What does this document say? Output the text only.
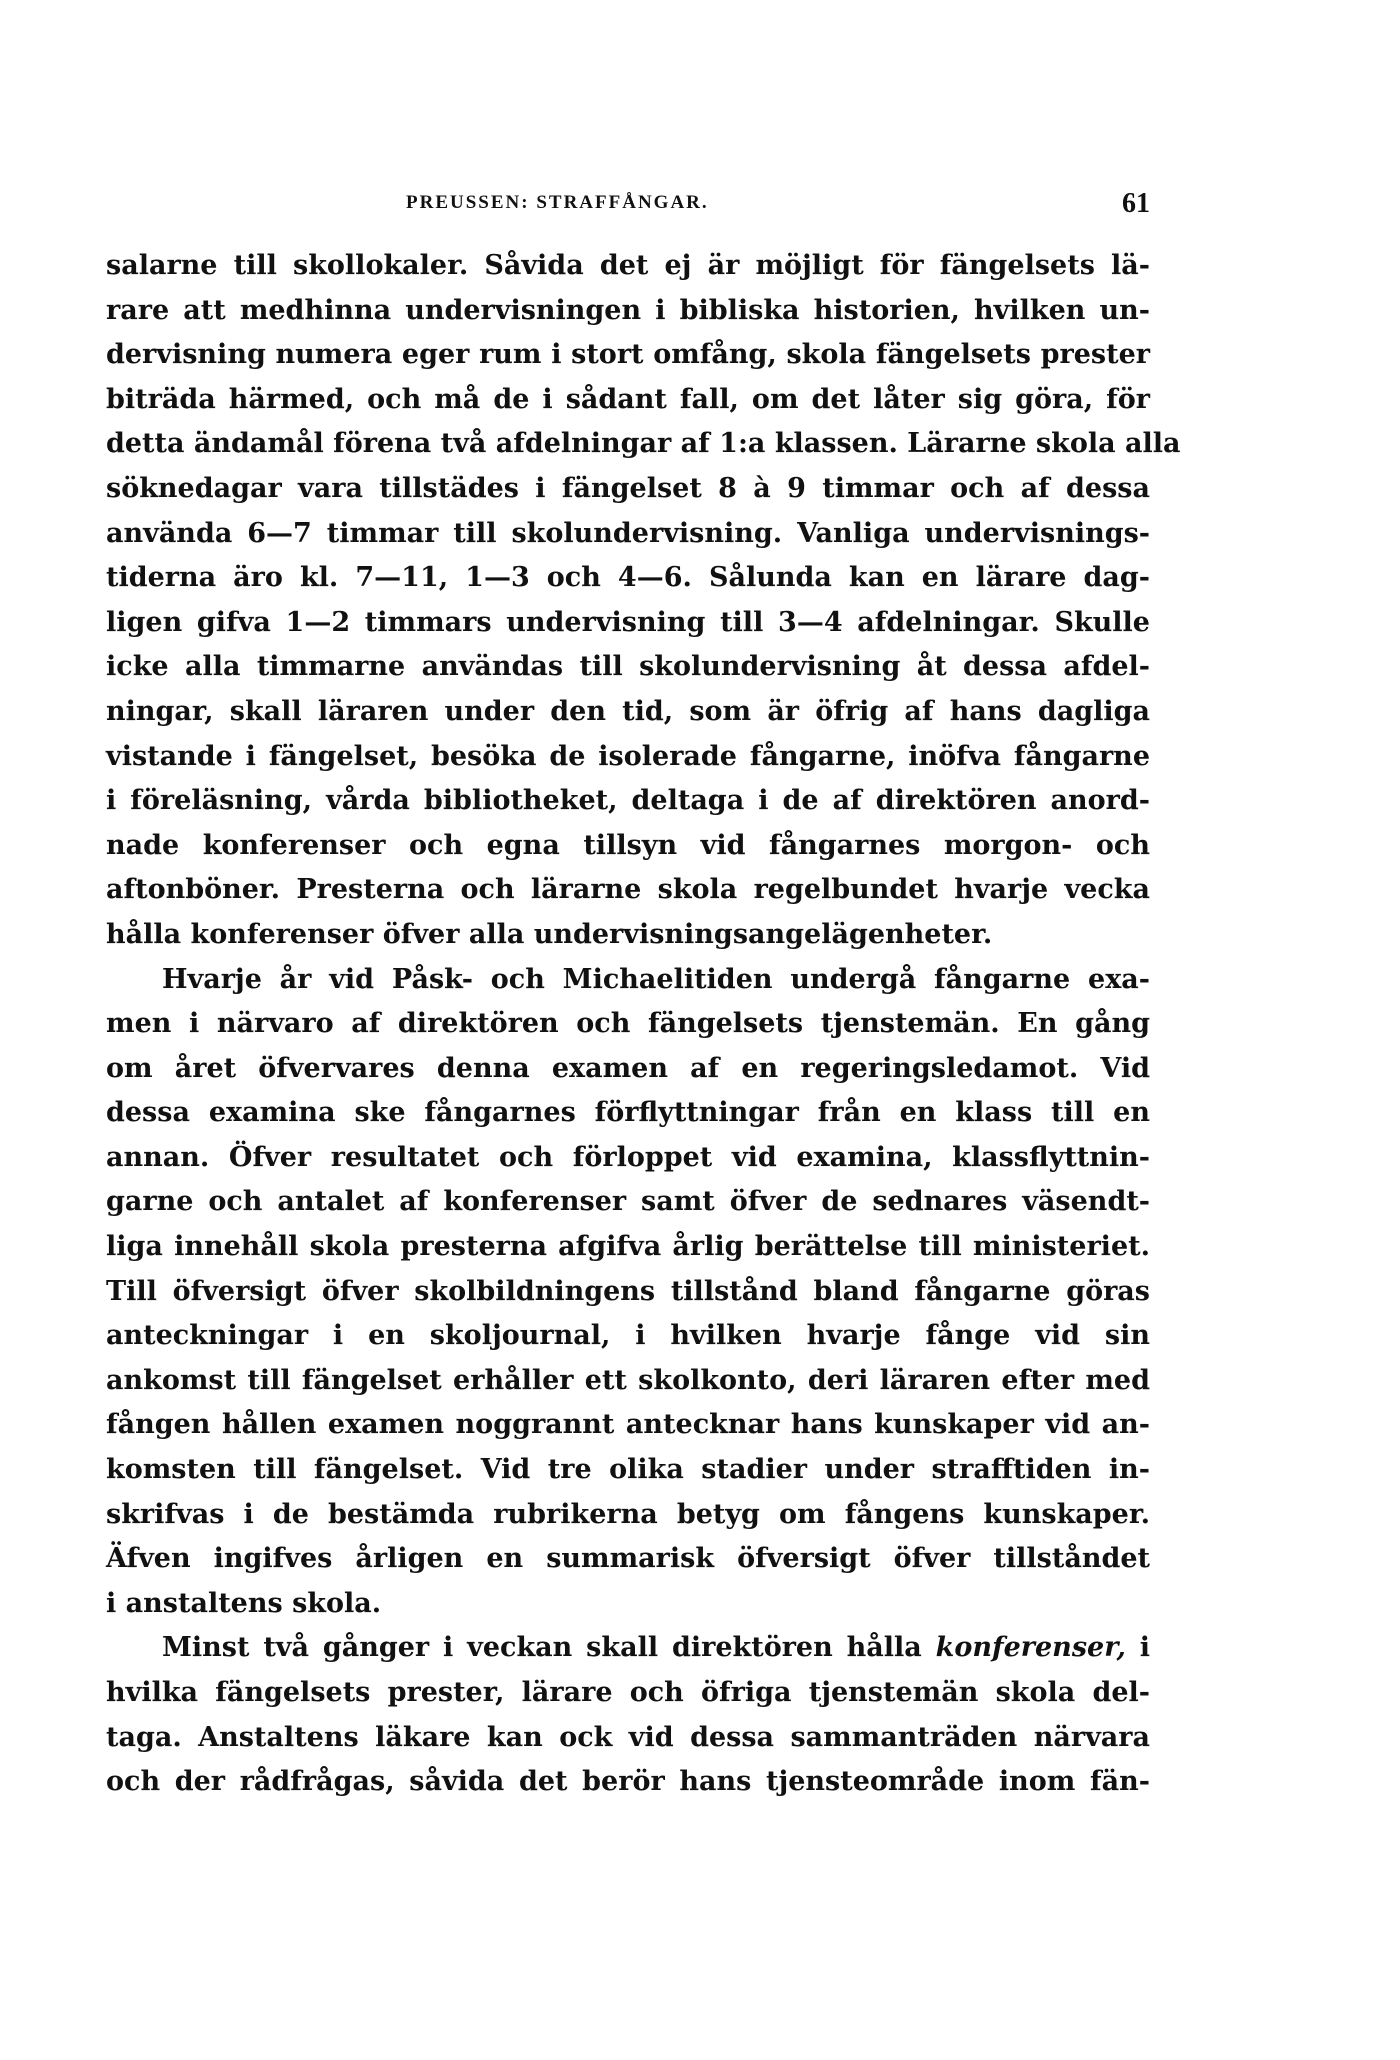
PREUSSEN: STRAFFÅNGAR.	61

salarne till skollokaler. Såvida det ej är möjligt för fängelsets lä-
rare att medhinna undervisningen i bibliska historien, hvilken un-
dervisning numera eger rum i stort omfång, skola fängelsets prester
biträda härmed, och må de i sådant fall, om det låter sig göra, för
detta ändamål förena två afdelningar af 1:a klassen. Lärarne skola alla
söknedagar vara tillstädes i fängelset 8 à 9 timmar och af dessa
använda 6—7 timmar till skolundervisning. Vanliga undervisnings-
tiderna äro kl. 7—11, 1—3 och 4—6. Sålunda kan en lärare dag-
ligen gifva 1—2 timmars undervisning till 3—4 afdelningar. Skulle
icke alla timmarne användas till skolundervisning åt dessa afdel-
ningar, skall läraren under den tid, som är öfrig af hans dagliga
vistande i fängelset, besöka de isolerade fångarne, inöfva fångarne
i föreläsning, vårda bibliotheket, deltaga i de af direktören anord-
nade konferenser och egna tillsyn vid fångarnes morgon- och
aftonböner. Presterna och lärarne skola regelbundet hvarje vecka
hålla konferenser öfver alla undervisningsangelägenheter.

Hvarje år vid Påsk- och Michaelitiden undergå fångarne exa-
men i närvaro af direktören och fängelsets tjenstemän. En gång
om året öfvervares denna examen af en regeringsledamot. Vid
dessa examina ske fångarnes förflyttningar från en klass till en
annan. Öfver resultatet och förloppet vid examina, klassflyttnin-
garne och antalet af konferenser samt öfver de sednares väsendt-
liga innehåll skola presterna afgifva årlig berättelse till ministeriet.
Till öfversigt öfver skolbildningens tillstånd bland fångarne göras
anteckningar i en skoljournal, i hvilken hvarje fånge vid sin
ankomst till fängelset erhåller ett skolkonto, deri läraren efter med
fången hållen examen noggrannt antecknar hans kunskaper vid an-
komsten till fängelset. Vid tre olika stadier under strafftiden in-
skrifvas i de bestämda rubrikerna betyg om fångens kunskaper.
Äfven ingifves årligen en summarisk öfversigt öfver tillståndet
i anstaltens skola.

Minst två gånger i veckan skall direktören hålla konferenser, i
hvilka fängelsets prester, lärare och öfriga tjenstemän skola del-
taga. Anstaltens läkare kan ock vid dessa sammanträden närvara
och der rådfrågas, såvida det berör hans tjensteområde inom fän-
